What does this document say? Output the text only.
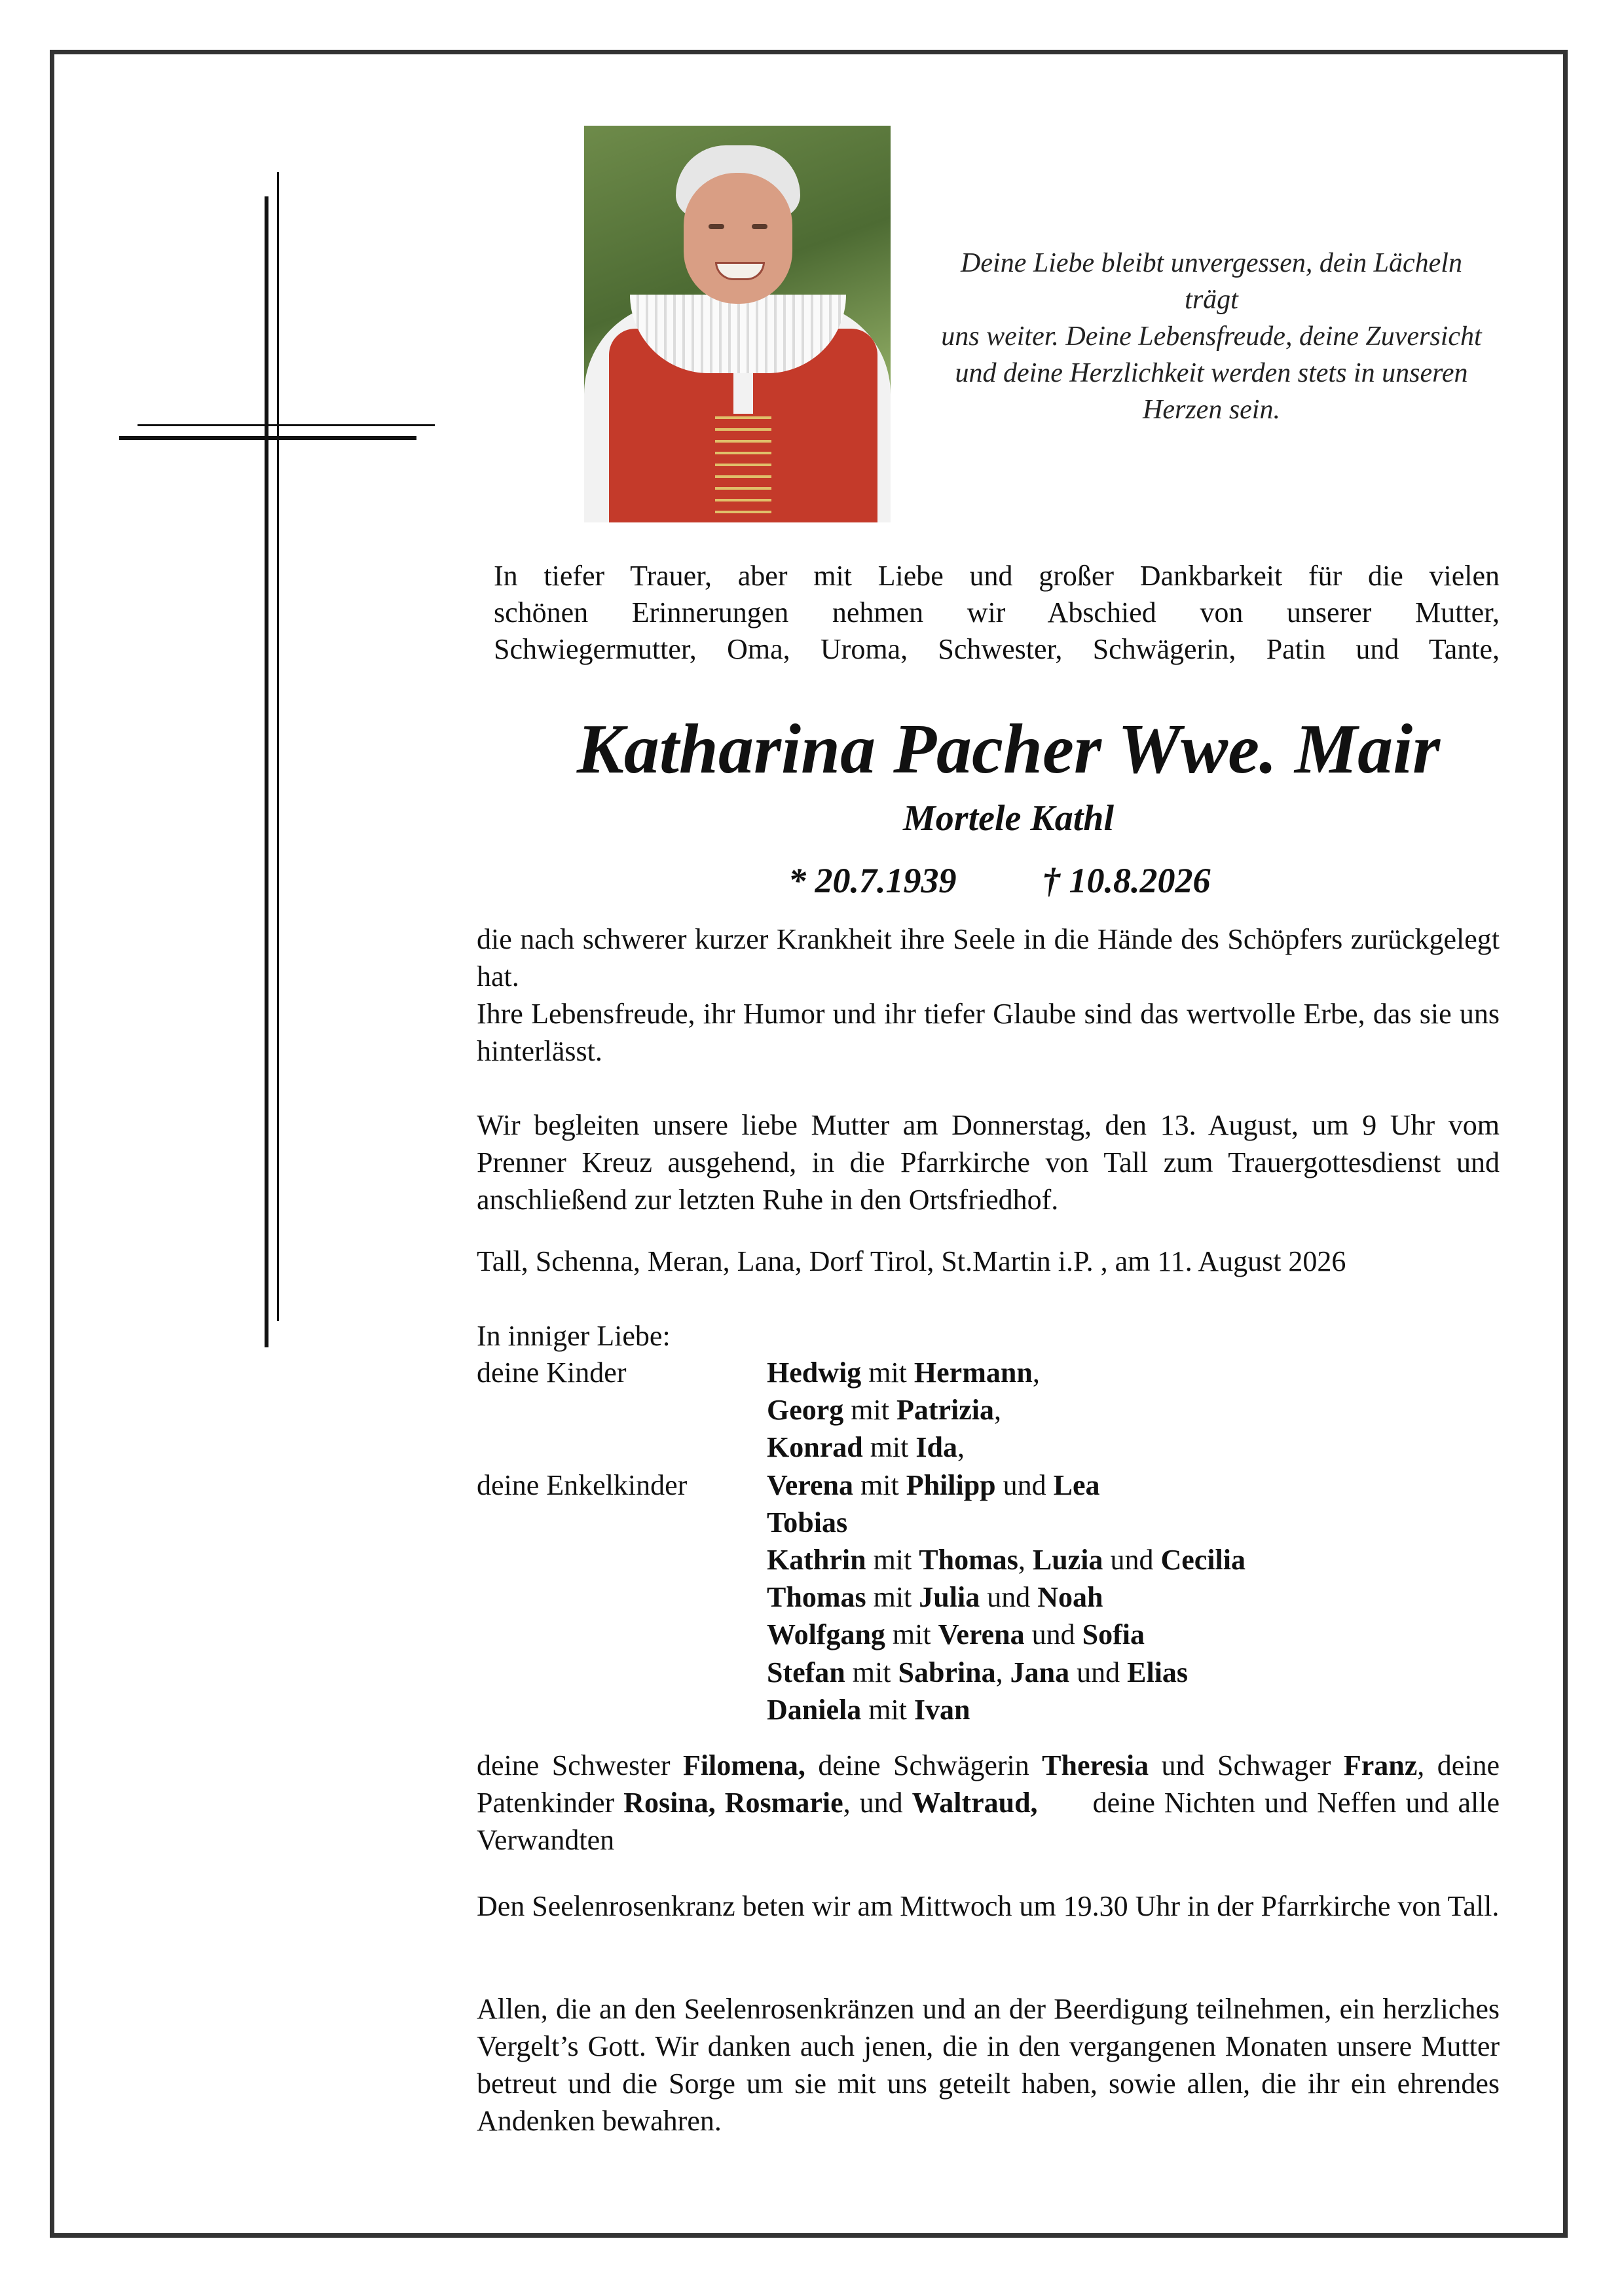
Deine Liebe bleibt unvergessen, dein Lächeln trägt
uns weiter. Deine Lebensfreude, deine Zuversicht
und deine Herzlichkeit werden stets in unseren
Herzen sein.
In tiefer Trauer, aber mit Liebe und großer Dankbarkeit für die vielen
schönen Erinnerungen nehmen wir Abschied von unserer Mutter,
Schwiegermutter, Oma, Uroma, Schwester, Schwägerin, Patin und Tante,
Katharina Pacher Wwe. Mair
Mortele Kathl
* 20.7.1939 † 10.8.2026

die nach schwerer kurzer Krankheit ihre Seele in die Hände des Schöpfers zurückgelegt hat.

Ihre Lebensfreude, ihr Humor und ihr tiefer Glaube sind das wertvolle Erbe, das sie uns hinterlässt.

Wir begleiten unsere liebe Mutter am Donnerstag, den 13. August, um 9 Uhr vom Prenner Kreuz ausgehend, in die Pfarrkirche von Tall zum Trauergottesdienst und anschließend zur letzten Ruhe in den Ortsfriedhof.

Tall, Schenna, Meran, Lana, Dorf Tirol, St.Martin i.P. , am 11. August 2026

In inniger Liebe:

deine Kinder	Hedwig mit Hermann,
Georg mit Patrizia,
Konrad mit Ida,
deine Enkelkinder	Verena mit Philipp und Lea
Tobias
Kathrin mit Thomas, Luzia und Cecilia
Thomas mit Julia und Noah
Wolfgang mit Verena und Sofia
Stefan mit Sabrina, Jana und Elias
Daniela mit Ivan
deine Schwester Filomena, deine Schwägerin Theresia und Schwager Franz, deine Patenkinder Rosina, Rosmarie, und Waltraud,      deine Nichten und Neffen und alle Verwandten

Den Seelenrosenkranz beten wir am Mittwoch um 19.30 Uhr in der Pfarrkirche von Tall.

Allen, die an den Seelenrosenkränzen und an der Beerdigung teilnehmen, ein herzliches Vergelt’s Gott. Wir danken auch jenen, die in den vergangenen Monaten unsere Mutter betreut und die Sorge um sie mit uns geteilt haben, sowie allen, die ihr ein ehrendes Andenken bewahren.
